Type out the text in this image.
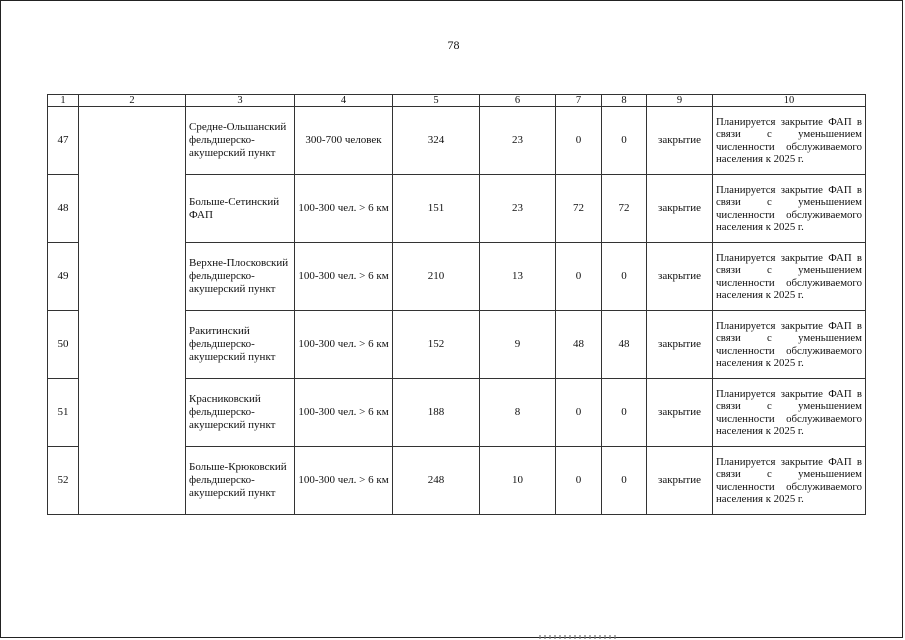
78
1	2	3	4	5	6	7	8	9	10
47		Средне-Ольшанский фельдшерско-акушерский пункт	300-700 человек	324	23	0	0	закрытие	Планируется закрытие ФАП в связи с уменьшением численности обслуживаемого населения к 2025 г.
48		Больше-Сетинский ФАП	100-300 чел. > 6 км	151	23	72	72	закрытие	Планируется закрытие ФАП в связи с уменьшением численности обслуживаемого населения к 2025 г.
49		Верхне-Плосковский фельдшерско-акушерский пункт	100-300 чел. > 6 км	210	13	0	0	закрытие	Планируется закрытие ФАП в связи с уменьшением численности обслуживаемого населения к 2025 г.
50		Ракитинский фельдшерско-акушерский пункт	100-300 чел. > 6 км	152	9	48	48	закрытие	Планируется закрытие ФАП в связи с уменьшением численности обслуживаемого населения к 2025 г.
51		Красниковский фельдшерско-акушерский пункт	100-300 чел. > 6 км	188	8	0	0	закрытие	Планируется закрытие ФАП в связи с уменьшением численности обслуживаемого населения к 2025 г.
52		Больше-Крюковский фельдшерско-акушерский пункт	100-300 чел. > 6 км	248	10	0	0	закрытие	Планируется закрытие ФАП в связи с уменьшением численности обслуживаемого населения к 2025 г.
